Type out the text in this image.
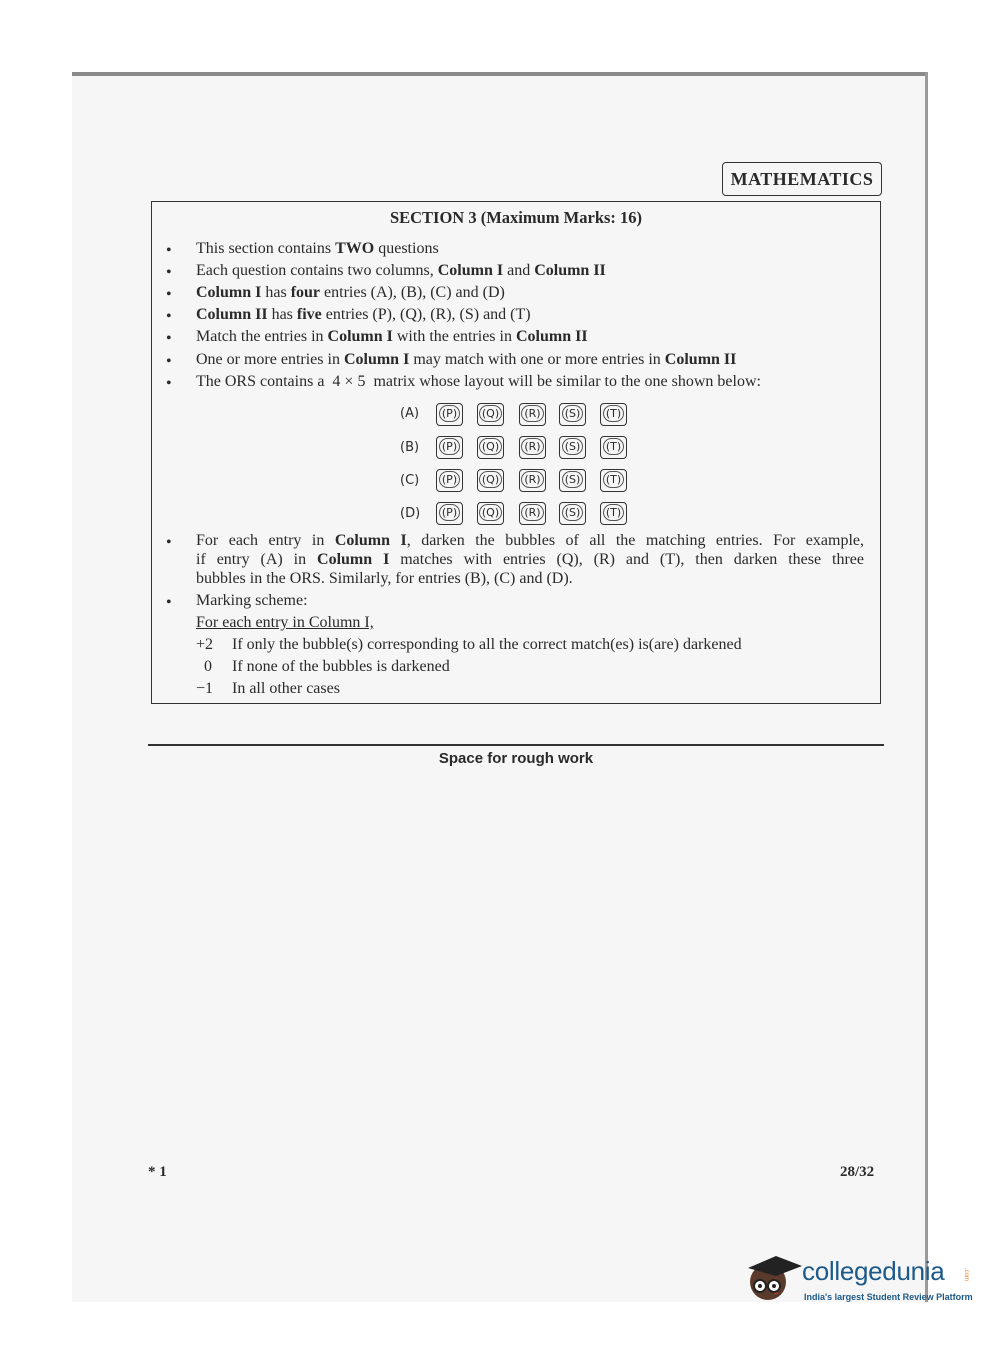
MATHEMATICS
SECTION 3 (Maximum Marks: 16)
• This section contains TWO questions
• Each question contains two columns, Column I and Column II
• Column I has four entries (A), (B), (C) and (D)
• Column II has five entries (P), (Q), (R), (S) and (T)
• Match the entries in Column I with the entries in Column II
• One or more entries in Column I may match with one or more entries in Column II
• The ORS contains a  4 × 5  matrix whose layout will be similar to the one shown below:
(A)	(P)	(Q)	(R)	(S)	(T)
(B)	(P)	(Q)	(R)	(S)	(T)
(C)	(P)	(Q)	(R)	(S)	(T)
(D)	(P)	(Q)	(R)	(S)	(T)
• For each entry in Column I, darken the bubbles of all the matching entries. For example,
if entry (A) in Column I matches with entries (Q), (R) and (T), then darken these three
bubbles in the ORS. Similarly, for entries (B), (C) and (D).
• Marking scheme:
For each entry in Column I,
+2 If only the bubble(s) corresponding to all the correct match(es) is(are) darkened
0 If none of the bubbles is darkened
−1 In all other cases
Space for rough work
* 1	28/32
collegedunia	.com
India's largest Student Review Platform
